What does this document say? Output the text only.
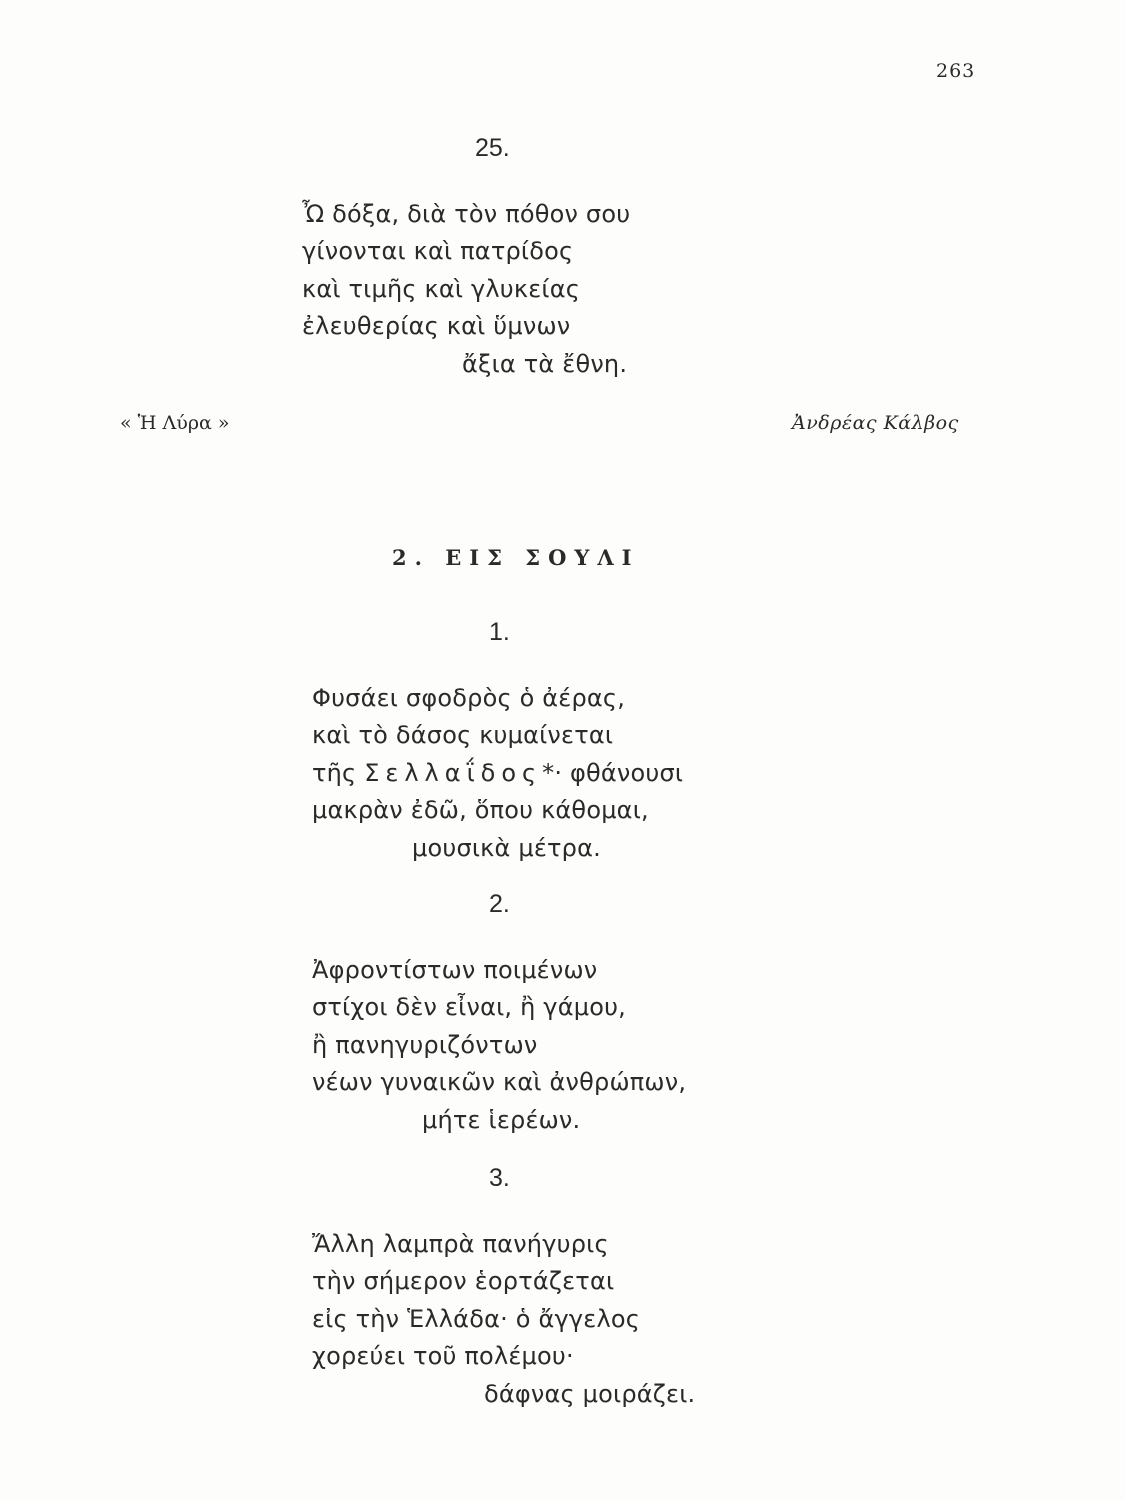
263
25.
Ὦ δόξα, διὰ τὸν πόθον σου
γίνονται καὶ πατρίδος
καὶ τιμῆς καὶ γλυκείας
ἐλευθερίας καὶ ὕμνων
ἄξια τὰ ἔθνη.
« Ἡ Λύρα »	Ἀνδρέας Κάλβος
2. ΕΙΣ ΣΟΥΛΙ
1.
Φυσάει σφοδρὸς ὁ ἀέρας,
καὶ τὸ δάσος κυμαίνεται
τῆς Σελλαΐδος*· φθάνουσι
μακρὰν ἐδῶ, ὅπου κάθομαι,
μουσικὰ μέτρα.
2.
Ἀφροντίστων ποιμένων
στίχοι δὲν εἶναι, ἢ γάμου,
ἢ πανηγυριζόντων
νέων γυναικῶν καὶ ἀνθρώπων,
μήτε ἱερέων.
3.
Ἄλλη λαμπρὰ πανήγυρις
τὴν σήμερον ἑορτάζεται
εἰς τὴν Ἑλλάδα· ὁ ἄγγελος
χορεύει τοῦ πολέμου·
δάφνας μοιράζει.
